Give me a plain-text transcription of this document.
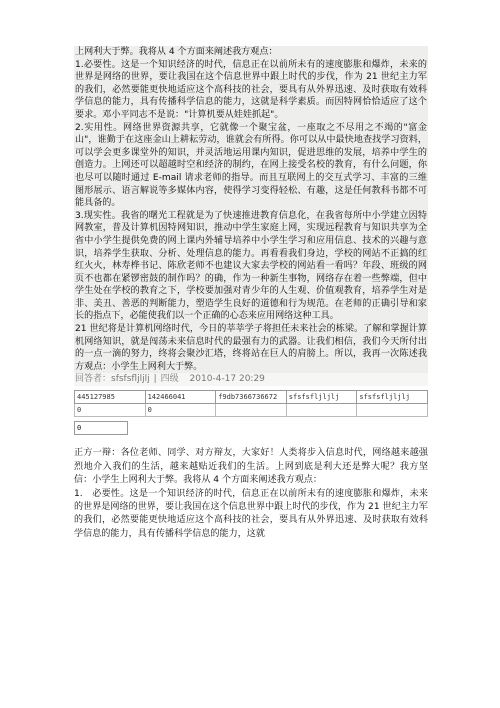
上网利大于弊。我将从 4 个方面来阐述我方观点：

1.必要性。这是一个知识经济的时代，信息正在以前所未有的速度膨胀和爆炸，未来的世界是网络的世界，要让我国在这个信息世界中跟上时代的步伐，作为 21 世纪主力军的我们，必然要能更快地适应这个高科技的社会，要具有从外界迅速、及时获取有效科学信息的能力，具有传播科学信息的能力，这就是科学素质。而因特网恰恰适应了这个要求。邓小平同志不是说："计算机要从娃娃抓起"。

2.实用性。网络世界资源共享，它就像一个聚宝盆，一座取之不尽用之不竭的"富金山"，谁勤于在这座金山上耕耘劳动，谁就会有所得。你可以从中最快地查找学习资料，可以学会更多课堂外的知识，并灵活地运用课内知识，促进思维的发展，培养中学生的创造力。上网还可以超越时空和经济的制约，在网上接受名校的教育，有什么问题，你也尽可以随时通过 E-mail 请求老师的指导。而且互联网上的交互式学习、丰富的三维图形展示、语言解说等多媒体内容，使得学习变得轻松、有趣，这是任何教科书都不可能具备的。

3.现实性。我省的曙光工程就是为了快速推进教育信息化，在我省每所中小学建立因特网教室，普及计算机因特网知识，推动中学生家庭上网，实现远程教育与知识共享为全省中小学生提供免费的网上课内外辅导培养中小学生学习和应用信息、技术的兴趣与意识，培养学生获取、分析、处理信息的能力。再看看我们身边，学校的网站不正搞的红红火火，林寿桦书记、陈欣老师不也建议大家去学校的网站看一看吗？年段、班级的网页不也都在紧锣密鼓的制作吗？的确，作为一种新生事物，网络存在着一些弊端，但中学生处在学校的教育之下，学校要加强对青少年的人生观、价值观教育，培养学生对是非、美丑、善恶的判断能力，塑造学生良好的道德和行为规范。在老师的正确引导和家长的指点下，必能使我们以一个正确的心态来应用网络这种工具。

21 世纪将是计算机网络时代，今日的莘莘学子将担任未来社会的栋梁。了解和掌握计算机网络知识，就是闯荡未来信息时代的最强有力的武器。让我们相信，我们今天所付出的一点一滴的努力，终将会聚沙汇塔，终将站在巨人的肩膀上。所以，我再一次陈述我方观点：小学生上网利大于弊。

回答者：sfsfsfljljlj | 四级 2010-4-17 20:29
445127985	142466041	f9db7366736672	sfsfsfljljlj	sfsfsfljljlj
0	0			
0

正方一辩：各位老师、同学、对方辩友，大家好！人类将步入信息时代，网络越来越强烈地介入我们的生活，越来越贴近我们的生活。上网到底是利大还是弊大呢？我方坚信：小学生上网利大于弊。我将从 4 个方面来阐述我方观点：

1.　必要性。这是一个知识经济的时代，信息正在以前所未有的速度膨胀和爆炸，未来的世界是网络的世界，要让我国在这个信息世界中跟上时代的步伐，作为 21 世纪主力军的我们，必然要能更快地适应这个高科技的社会，要具有从外界迅速、及时获取有效科学信息的能力，具有传播科学信息的能力，这就
